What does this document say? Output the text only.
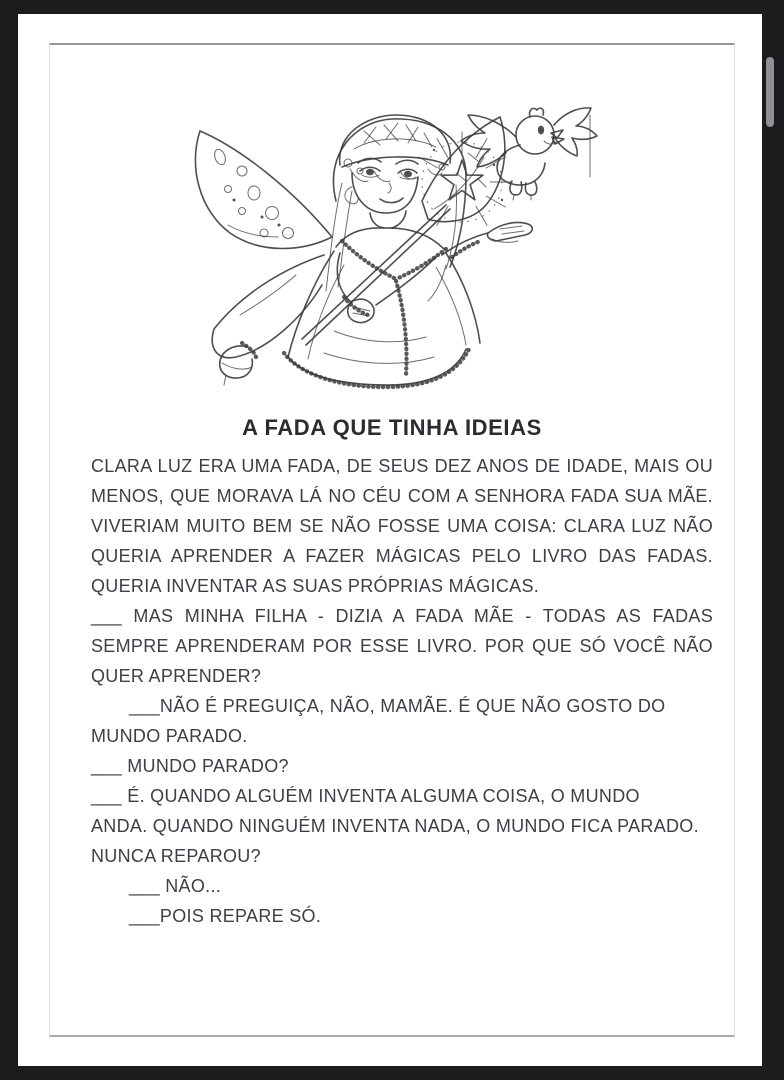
A FADA QUE TINHA IDEIAS
CLARA LUZ ERA UMA FADA, DE SEUS DEZ ANOS DE IDADE, MAIS OU
MENOS, QUE MORAVA LÁ NO CÉU COM A SENHORA FADA SUA MÃE.
VIVERIAM MUITO BEM SE NÃO FOSSE UMA COISA: CLARA LUZ NÃO
QUERIA APRENDER A FAZER MÁGICAS PELO LIVRO DAS FADAS.
QUERIA INVENTAR AS SUAS PRÓPRIAS MÁGICAS.
___ MAS MINHA FILHA - DIZIA A FADA MÃE - TODAS AS FADAS
SEMPRE APRENDERAM POR ESSE LIVRO. POR QUE SÓ VOCÊ NÃO
QUER APRENDER?
___NÃO É PREGUIÇA, NÃO, MAMÃE. É QUE NÃO GOSTO DO
MUNDO PARADO.
___ MUNDO PARADO?
___ É. QUANDO ALGUÉM INVENTA ALGUMA COISA, O MUNDO
ANDA. QUANDO NINGUÉM INVENTA NADA, O MUNDO FICA PARADO.
NUNCA REPAROU?
___ NÃO...
___POIS REPARE SÓ.
